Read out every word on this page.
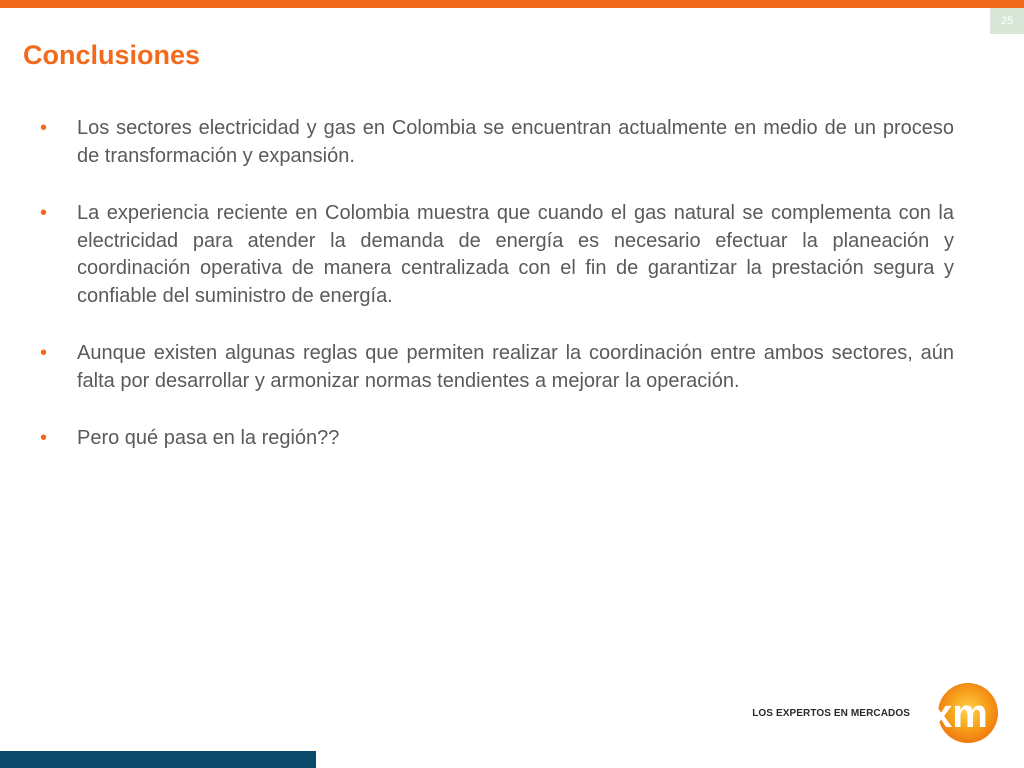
25
Conclusiones
• Los sectores electricidad y gas en Colombia se encuentran actualmente en medio de un proceso de transformación y expansión.
• La experiencia reciente en Colombia muestra que cuando el gas natural se complementa con la electricidad para atender la demanda de energía es necesario efectuar la planeación y coordinación operativa de manera centralizada con el fin de garantizar la prestación segura y confiable del suministro de energía.
• Aunque existen algunas reglas que permiten realizar la coordinación entre ambos sectores, aún falta por desarrollar y armonizar normas tendientes a mejorar la operación.
• Pero qué pasa en la región??
LOS EXPERTOS EN MERCADOS xm
